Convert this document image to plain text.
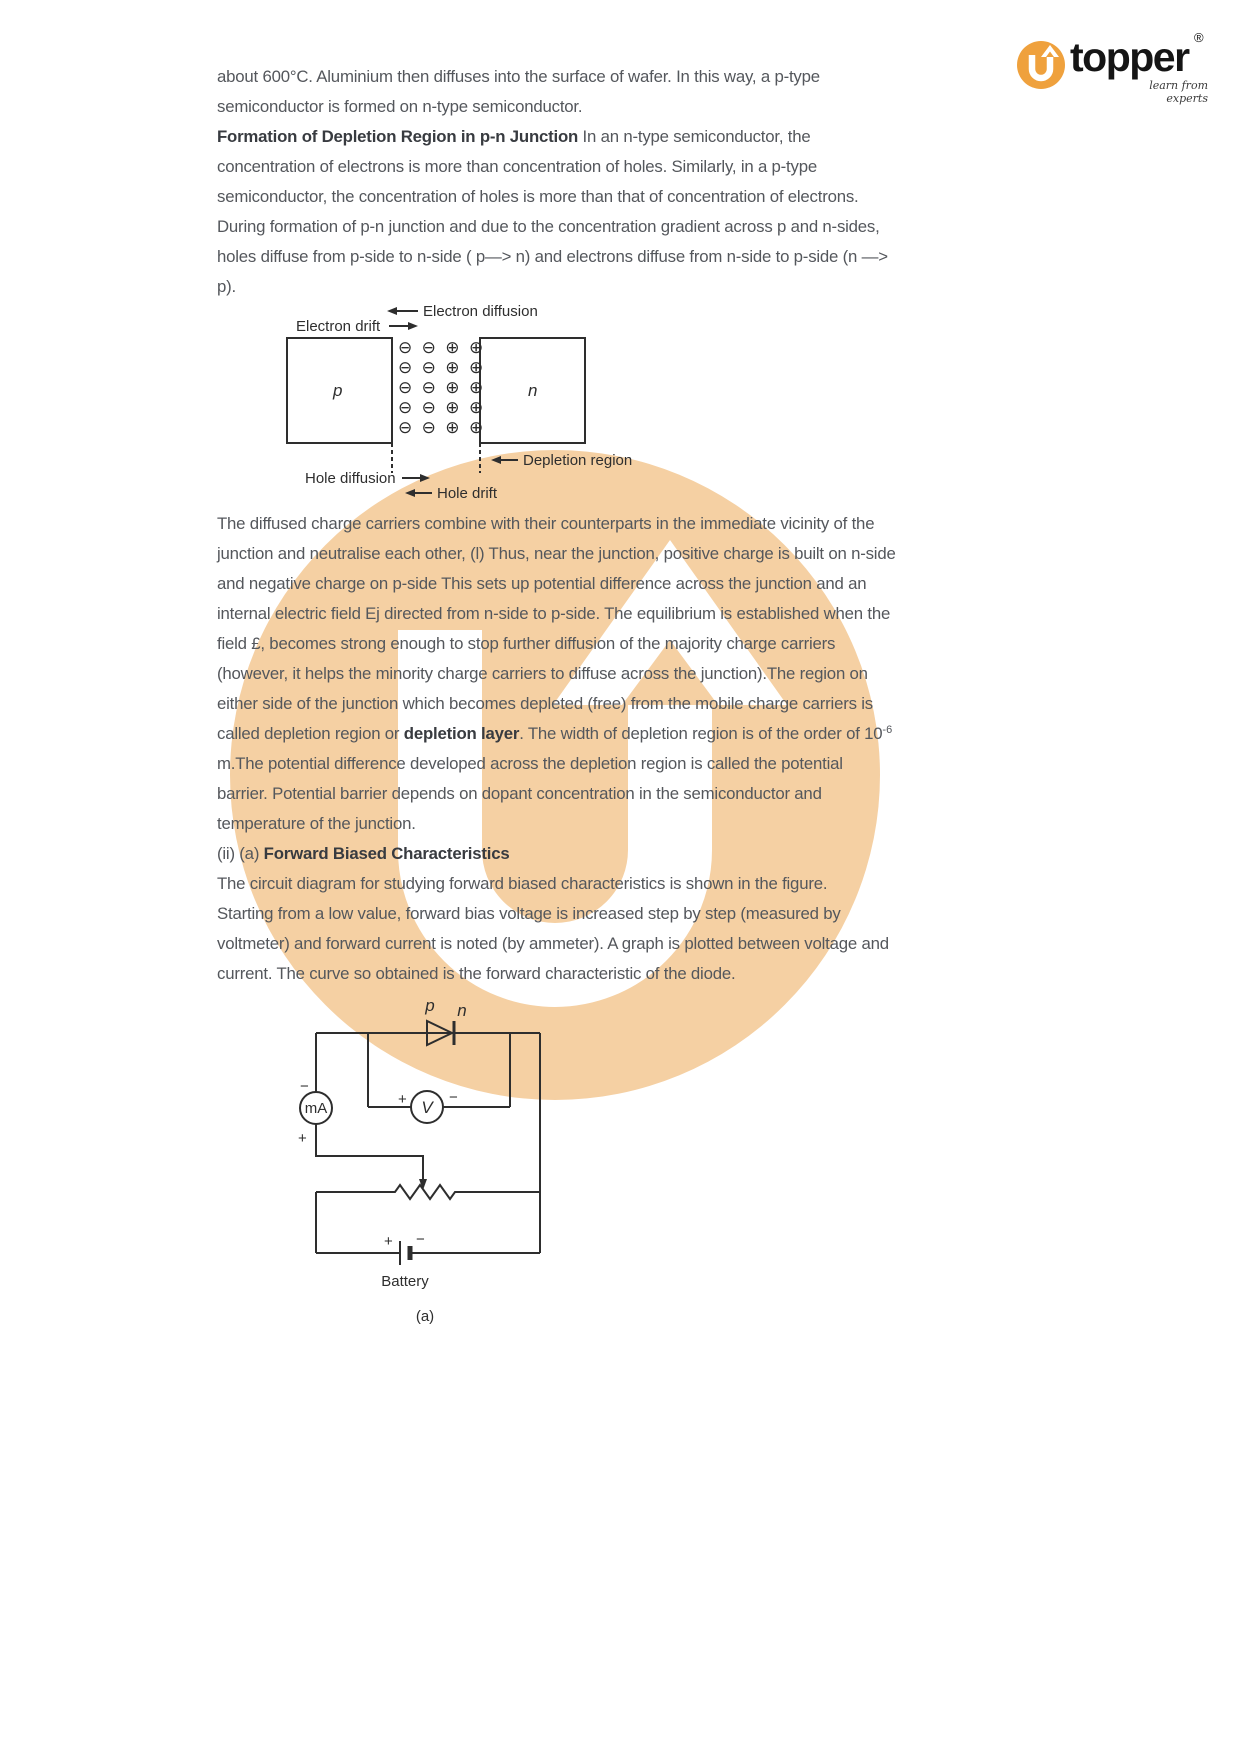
topper ®
learn from experts
about 600°C. Aluminium then diffuses into the surface of wafer. In this way, a p-type
semiconductor is formed on n-type semiconductor.
Formation of Depletion Region in p-n Junction In an n-type semiconductor, the
concentration of electrons is more than concentration of holes. Similarly, in a p-type
semiconductor, the concentration of holes is more than that of concentration of electrons.
During formation of p-n junction and due to the concentration gradient across p and n-sides,
holes diffuse from p-side to n-side ( p—> n) and electrons diffuse from n-side to p-side (n —>
p).
p	n
⊖ ⊖ ⊕ ⊕
⊖ ⊖ ⊕ ⊕
⊖ ⊖ ⊕ ⊕
⊖ ⊖ ⊕ ⊕
⊖ ⊖ ⊕ ⊕
Electron diffusion
Electron drift
Depletion region
Hole diffusion
Hole drift
The diffused charge carriers combine with their counterparts in the immediate vicinity of the
junction and neutralise each other, (l) Thus, near the junction, positive charge is built on n-side
and negative charge on p-side This sets up potential difference across the junction and an
internal electric field Ej directed from n-side to p-side. The equilibrium is established when the
field £, becomes strong enough to stop further diffusion of the majority charge carriers
(however, it helps the minority charge carriers to diffuse across the junction).The region on
either side of the junction which becomes depleted (free) from the mobile charge carriers is
called depletion region or depletion layer. The width of depletion region is of the order of $10^{-6}$
m.The potential difference developed across the depletion region is called the potential
barrier. Potential barrier depends on dopant concentration in the semiconductor and
temperature of the junction.
(ii) (a) Forward Biased Characteristics
The circuit diagram for studying forward biased characteristics is shown in the figure.
Starting from a low value, forward bias voltage is increased step by step (measured by
voltmeter) and forward current is noted (by ammeter). A graph is plotted between voltage and
current. The curve so obtained is the forward characteristic of the diode.
mA
−
+
+ −
Battery
(a)
V
+	−
p n
